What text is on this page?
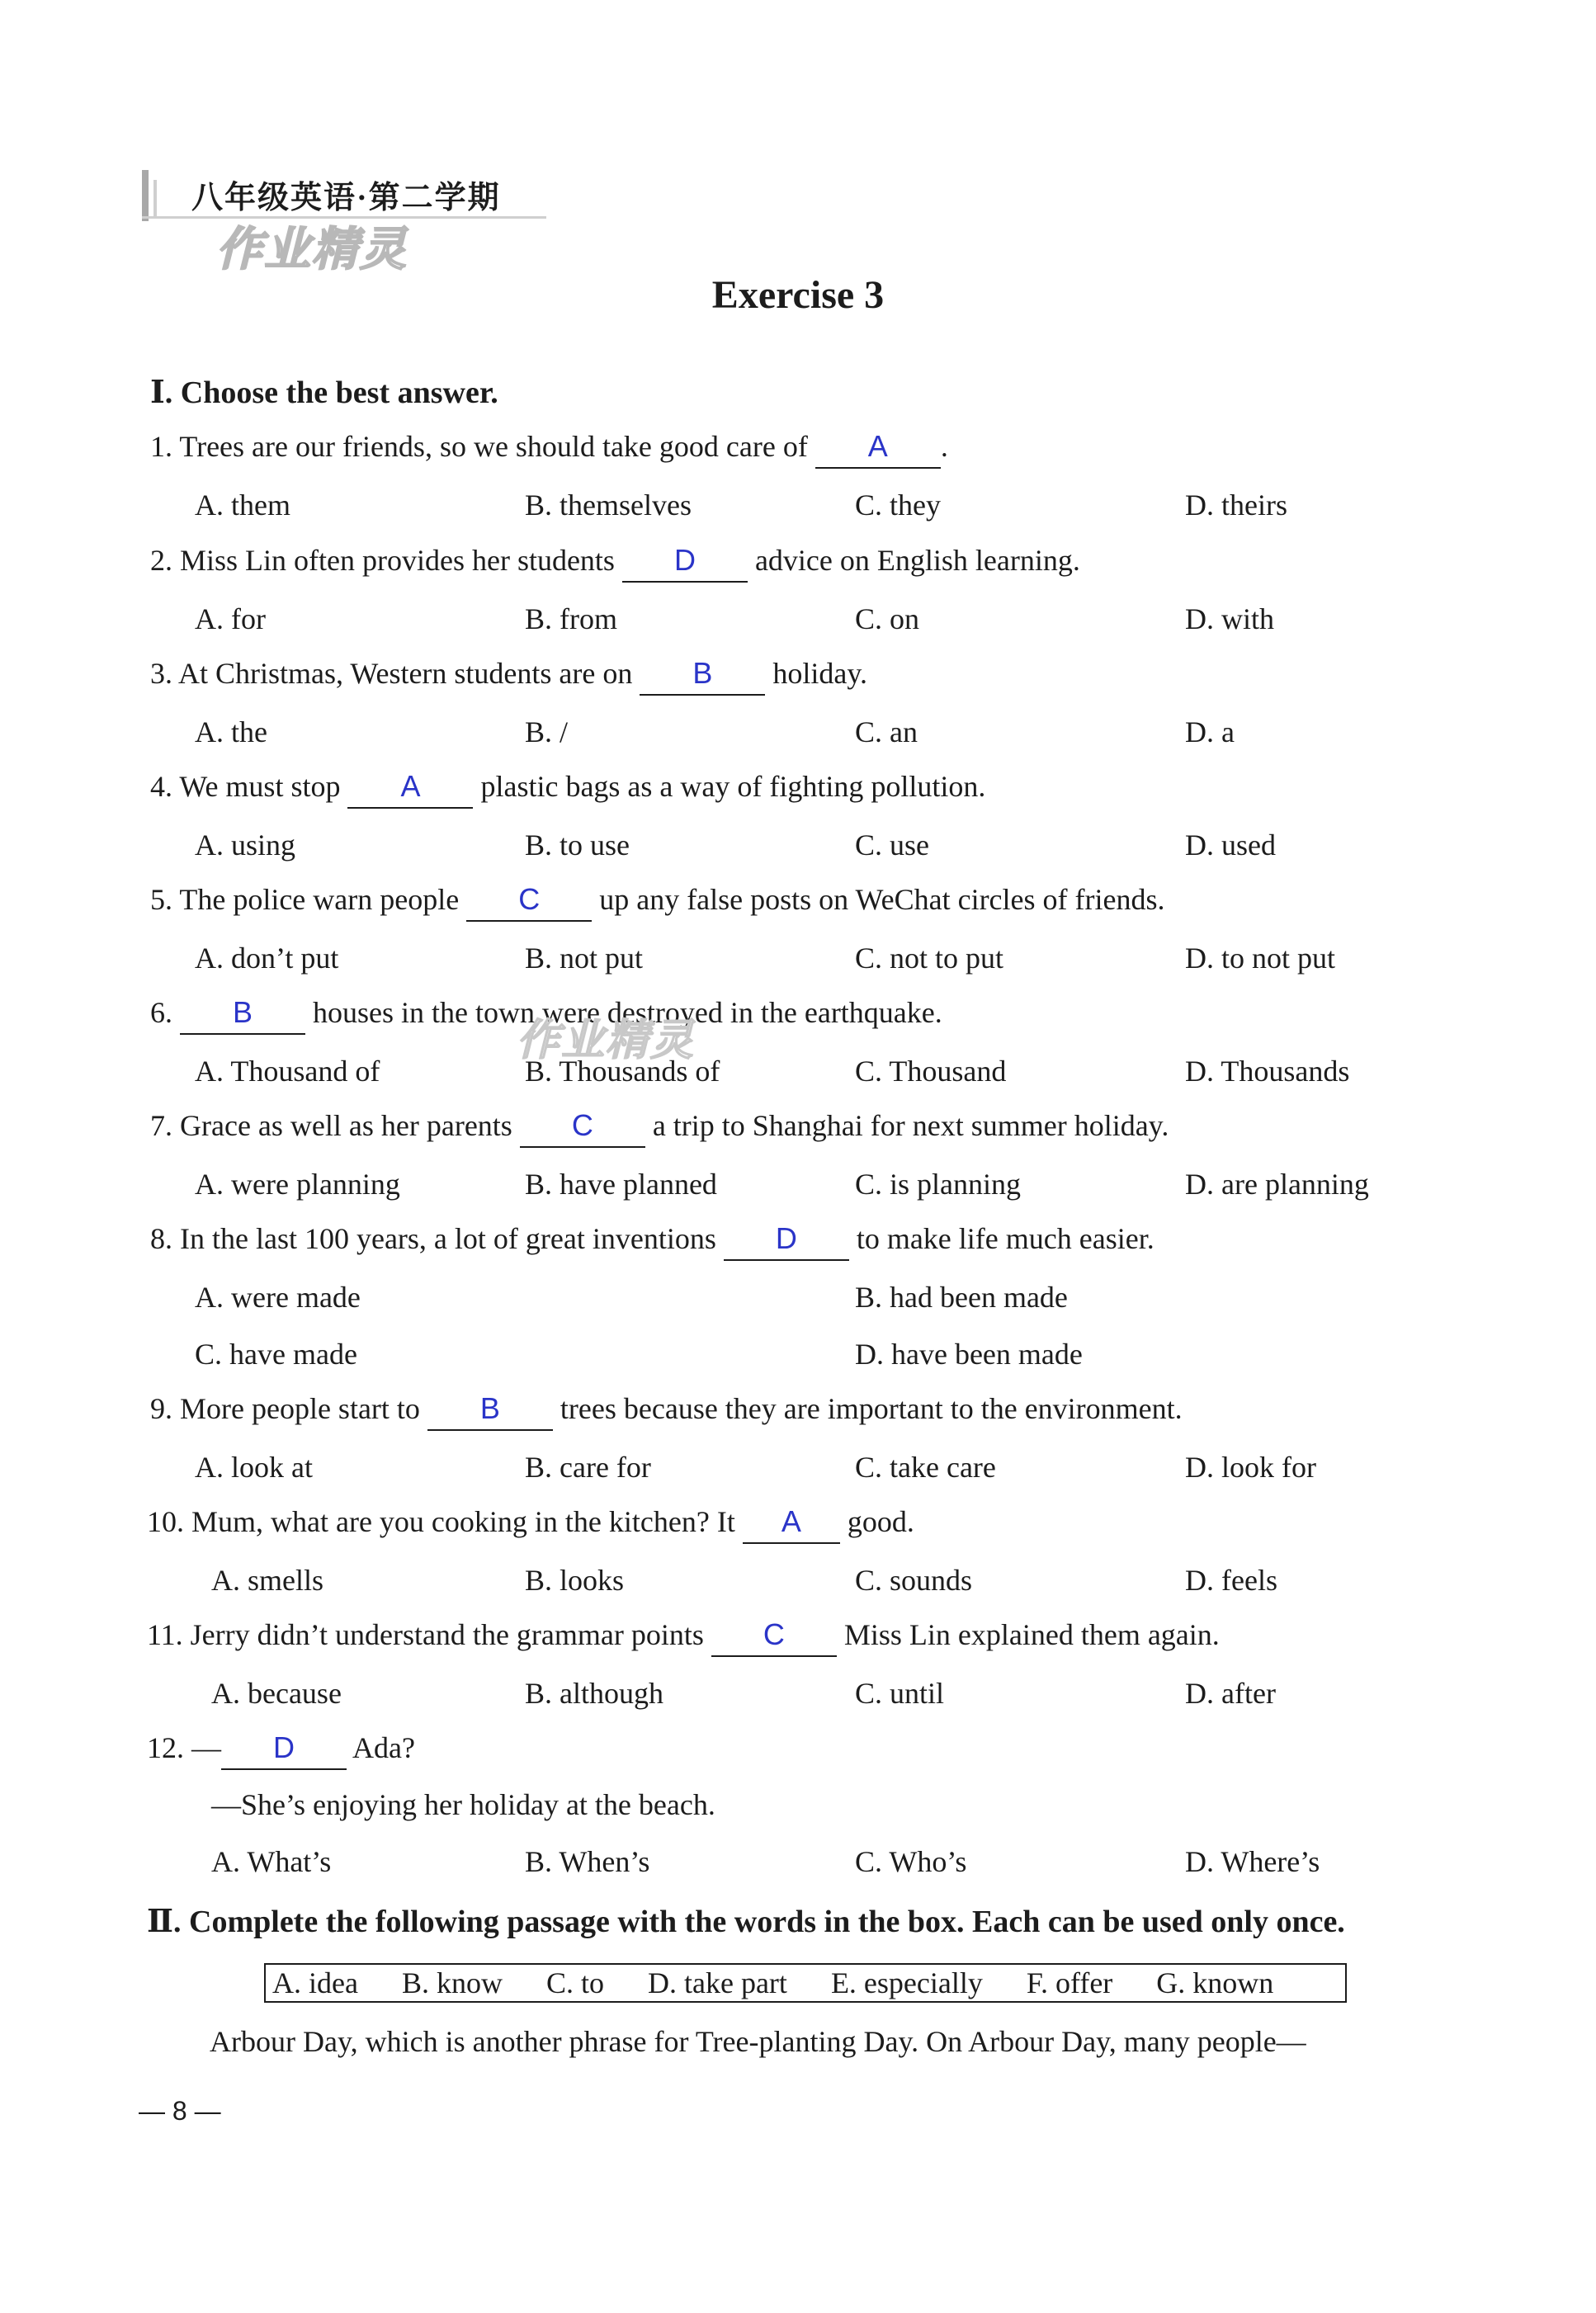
八年级英语·第二学期
作业精灵
Exercise 3
Ⅰ. Choose the best answer.
1. Trees are our friends, so we should take good care of A .
A. them	B. themselves	C. they	D. theirs
2. Miss Lin often provides her students D advice on English learning.
A. for	B. from	C. on	D. with
3. At Christmas, Western students are on B holiday.
A. the	B. /	C. an	D. a
4. We must stop A plastic bags as a way of fighting pollution.
A. using	B. to use	C. use	D. used
5. The police warn people C up any false posts on WeChat circles of friends.
A. don’t put	B. not put	C. not to put	D. to not put
6. B houses in the town were destroyed in the earthquake.
A. Thousand of	B. Thousands of	C. Thousand	D. Thousands
作业精灵
7. Grace as well as her parents C a trip to Shanghai for next summer holiday.
A. were planning	B. have planned	C. is planning	D. are planning
8. In the last 100 years, a lot of great inventions D to make life much easier.
A. were made	B. had been made
C. have made	D. have been made
9. More people start to B trees because they are important to the environment.
A. look at	B. care for	C. take care	D. look for
10. Mum, what are you cooking in the kitchen? It A good.
A. smells	B. looks	C. sounds	D. feels
11. Jerry didn’t understand the grammar points C Miss Lin explained them again.
A. because	B. although	C. until	D. after
12. — D Ada?
—She’s enjoying her holiday at the beach.
A. What’s	B. When’s	C. Who’s	D. Where’s
Ⅱ. Complete the following passage with the words in the box. Each can be used only once.
A. idea B. know C. to D. take part E. especially F. offer G. known
Arbour Day, which is another phrase for Tree-planting Day. On Arbour Day, many people—
— 8 —
